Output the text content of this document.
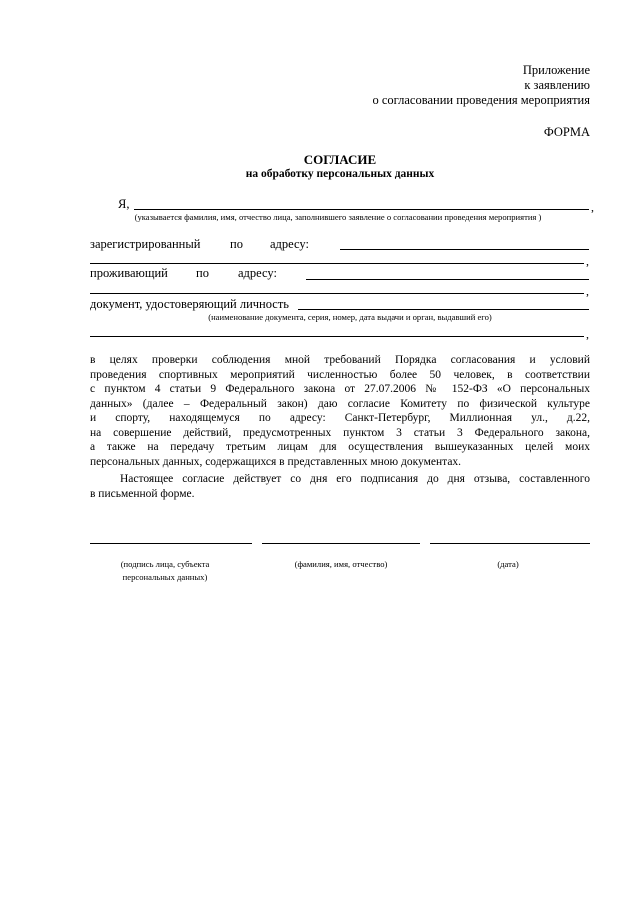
Приложение
к заявлению
о согласовании проведения мероприятия
ФОРМА
СОГЛАСИЕ
на обработку персональных данных
Я,	,
(указывается фамилия, имя, отчество лица, заполнившего заявление о согласовании проведения мероприятия )
зарегистрированный по адресу:
,
проживающий по адресу:
,
документ, удостоверяющий личность
(наименование документа, серия, номер, дата выдачи и орган, выдавший его)
,
в целях проверки соблюдения мной требований Порядка согласования и условий
проведения спортивных мероприятий численностью более 50 человек, в соответствии
с пунктом 4 статьи 9 Федерального закона от 27.07.2006 № 152-ФЗ «О персональных
данных» (далее – Федеральный закон) даю согласие Комитету по физической культуре
и спорту, находящемуся по адресу: Санкт-Петербург, Миллионная ул., д.22,
на совершение действий, предусмотренных пунктом 3 статьи 3 Федерального закона,
а также на передачу третьим лицам для осуществления вышеуказанных целей моих
персональных данных, содержащихся в представленных мною документах.
Настоящее согласие действует со дня его подписания до дня отзыва, составленного
в письменной форме.
(подпись лица, субъекта персональных данных)
(фамилия, имя, отчество)	(дата)
